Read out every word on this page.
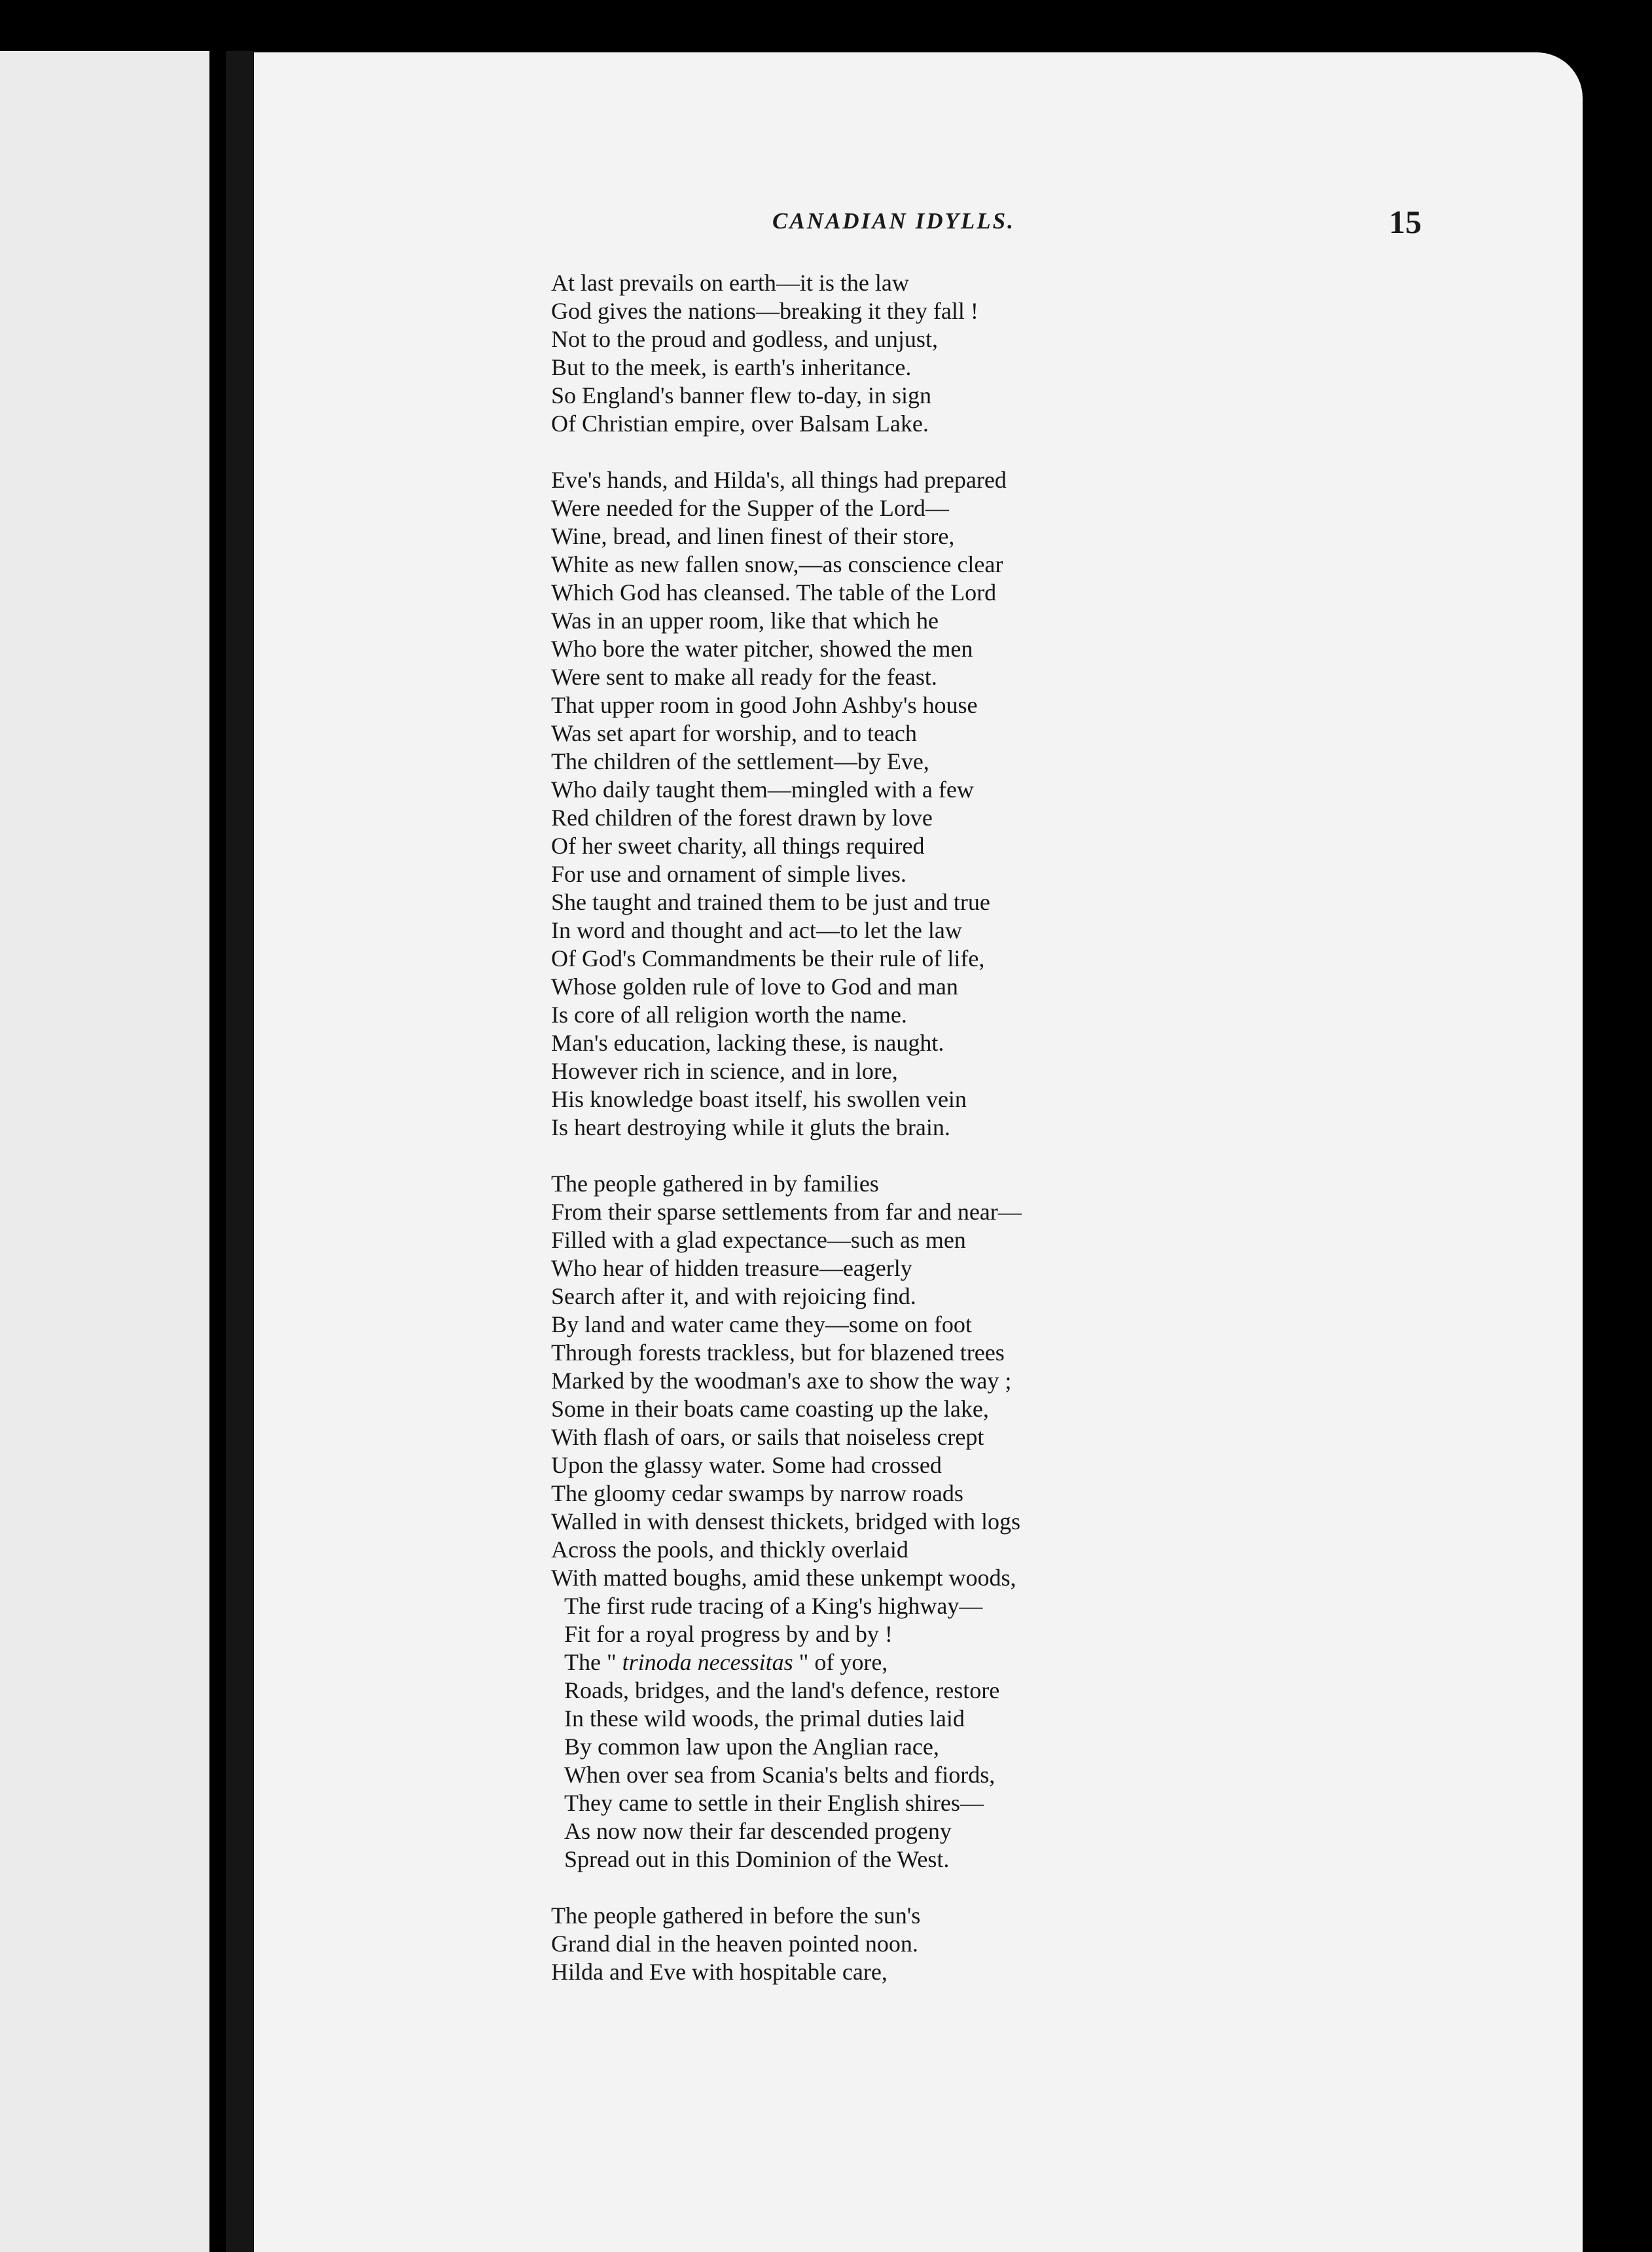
CANADIAN IDYLLS.	15
At last prevails on earth—it is the law
God gives the nations—breaking it they fall !
Not to the proud and godless, and unjust,
But to the meek, is earth's inheritance.
So England's banner flew to-day, in sign
Of Christian empire, over Balsam Lake.
Eve's hands, and Hilda's, all things had prepared
Were needed for the Supper of the Lord—
Wine, bread, and linen finest of their store,
White as new fallen snow,—as conscience clear
Which God has cleansed. The table of the Lord
Was in an upper room, like that which he
Who bore the water pitcher, showed the men
Were sent to make all ready for the feast.
That upper room in good John Ashby's house
Was set apart for worship, and to teach
The children of the settlement—by Eve,
Who daily taught them—mingled with a few
Red children of the forest drawn by love
Of her sweet charity, all things required
For use and ornament of simple lives.
She taught and trained them to be just and true
In word and thought and act—to let the law
Of God's Commandments be their rule of life,
Whose golden rule of love to God and man
Is core of all religion worth the name.
Man's education, lacking these, is naught.
However rich in science, and in lore,
His knowledge boast itself, his swollen vein
Is heart destroying while it gluts the brain.
The people gathered in by families
From their sparse settlements from far and near—
Filled with a glad expectance—such as men
Who hear of hidden treasure—eagerly
Search after it, and with rejoicing find.
By land and water came they—some on foot
Through forests trackless, but for blazened trees
Marked by the woodman's axe to show the way ;
Some in their boats came coasting up the lake,
With flash of oars, or sails that noiseless crept
Upon the glassy water. Some had crossed
The gloomy cedar swamps by narrow roads
Walled in with densest thickets, bridged with logs
Across the pools, and thickly overlaid
With matted boughs, amid these unkempt woods,
The first rude tracing of a King's highway—
Fit for a royal progress by and by !
The " trinoda necessitas " of yore,
Roads, bridges, and the land's defence, restore
In these wild woods, the primal duties laid
By common law upon the Anglian race,
When over sea from Scania's belts and fiords,
They came to settle in their English shires—
As now now their far descended progeny
Spread out in this Dominion of the West.
The people gathered in before the sun's
Grand dial in the heaven pointed noon.
Hilda and Eve with hospitable care,
